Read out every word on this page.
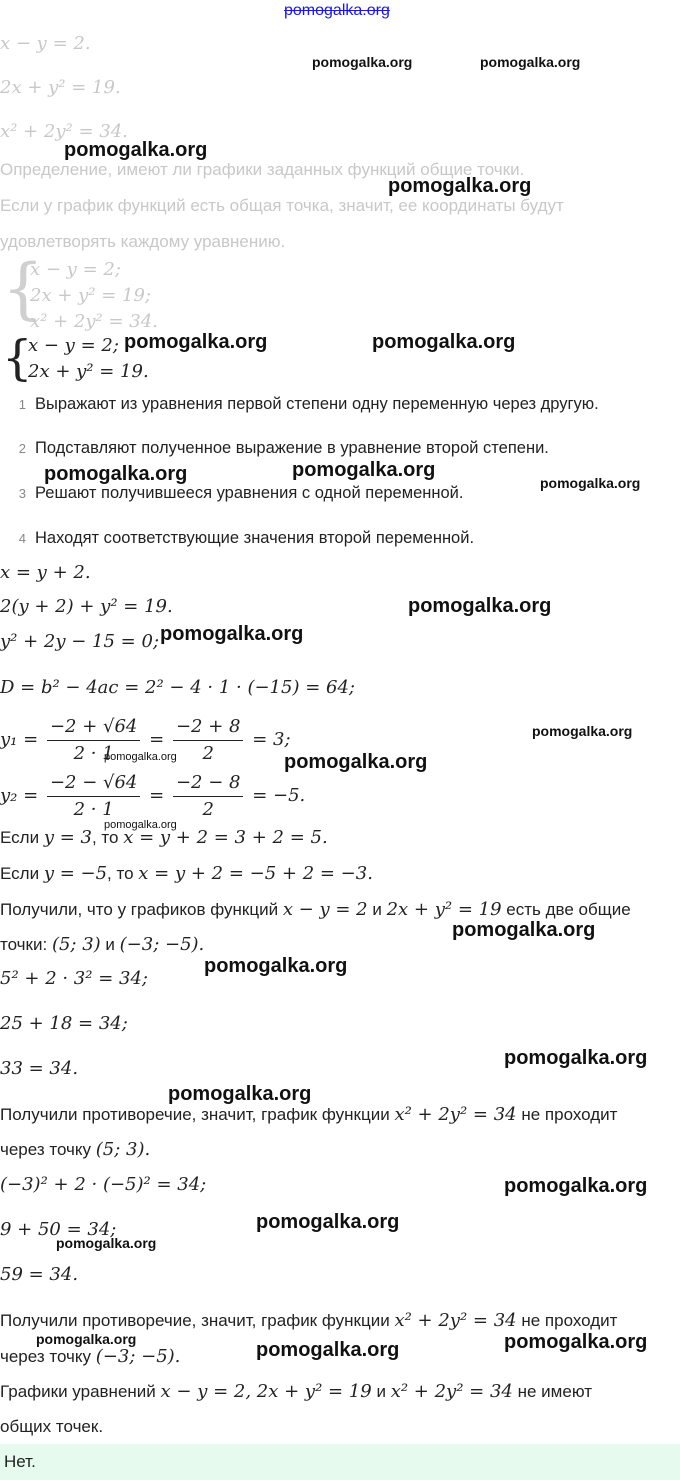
pomogalka.org
x − y = 2.
2x + y² = 19.
x² + 2y² = 34.
Определение, имеют ли графики заданных функций общие точки.
Если у график функций есть общая точка, значит, ее координаты будут
удовлетворять каждому уравнению.
{
x − y = 2;
2x + y² = 19;
x² + 2y² = 34.
{
x − y = 2;
2x + y² = 19.
1 Выражают из уравнения первой степени одну переменную через другую.
2 Подставляют полученное выражение в уравнение второй степени.
3 Решают получившееся уравнения с одной переменной.
4 Находят соответствующие значения второй переменной.
x = y + 2.
2(y + 2) + y² = 19.
y² + 2y − 15 = 0;
D = b² − 4ac = 2² − 4 · 1 · (−15) = 64;
$y_1 = \frac{-2 + √64}{2 \cdot 1} = \frac{-2 + 8}{2} = 3$;
$y_2 = \frac{-2 - √64}{2 \cdot 1} = \frac{-2 - 8}{2} = -5$.
Если y = 3, то x = y + 2 = 3 + 2 = 5.
Если y = −5, то x = y + 2 = −5 + 2 = −3.
Получили, что у графиков функций x − y = 2 и 2x + y² = 19 есть две общие
точки: (5; 3) и (−3; −5).
5² + 2 · 3² = 34;
25 + 18 = 34;
33 = 34.
Получили противоречие, значит, график функции x² + 2y² = 34 не проходит
через точку (5; 3).
(−3)² + 2 · (−5)² = 34;
9 + 50 = 34;
59 = 34.
Получили противоречие, значит, график функции x² + 2y² = 34 не проходит
через точку (−3; −5).
Графики уравнений x − y = 2, 2x + y² = 19 и x² + 2y² = 34 не имеют
общих точек.
Нет.
pomogalka.org	pomogalka.org
pomogalka.org
pomogalka.org
pomogalka.org	pomogalka.org
pomogalka.org	pomogalka.org
pomogalka.org
pomogalka.org
pomogalka.org
pomogalka.org
pomogalka.org	pomogalka.org
pomogalka.org
pomogalka.org
pomogalka.org
pomogalka.org
pomogalka.org
pomogalka.org
pomogalka.org
pomogalka.org
pomogalka.org	pomogalka.org
pomogalka.org
